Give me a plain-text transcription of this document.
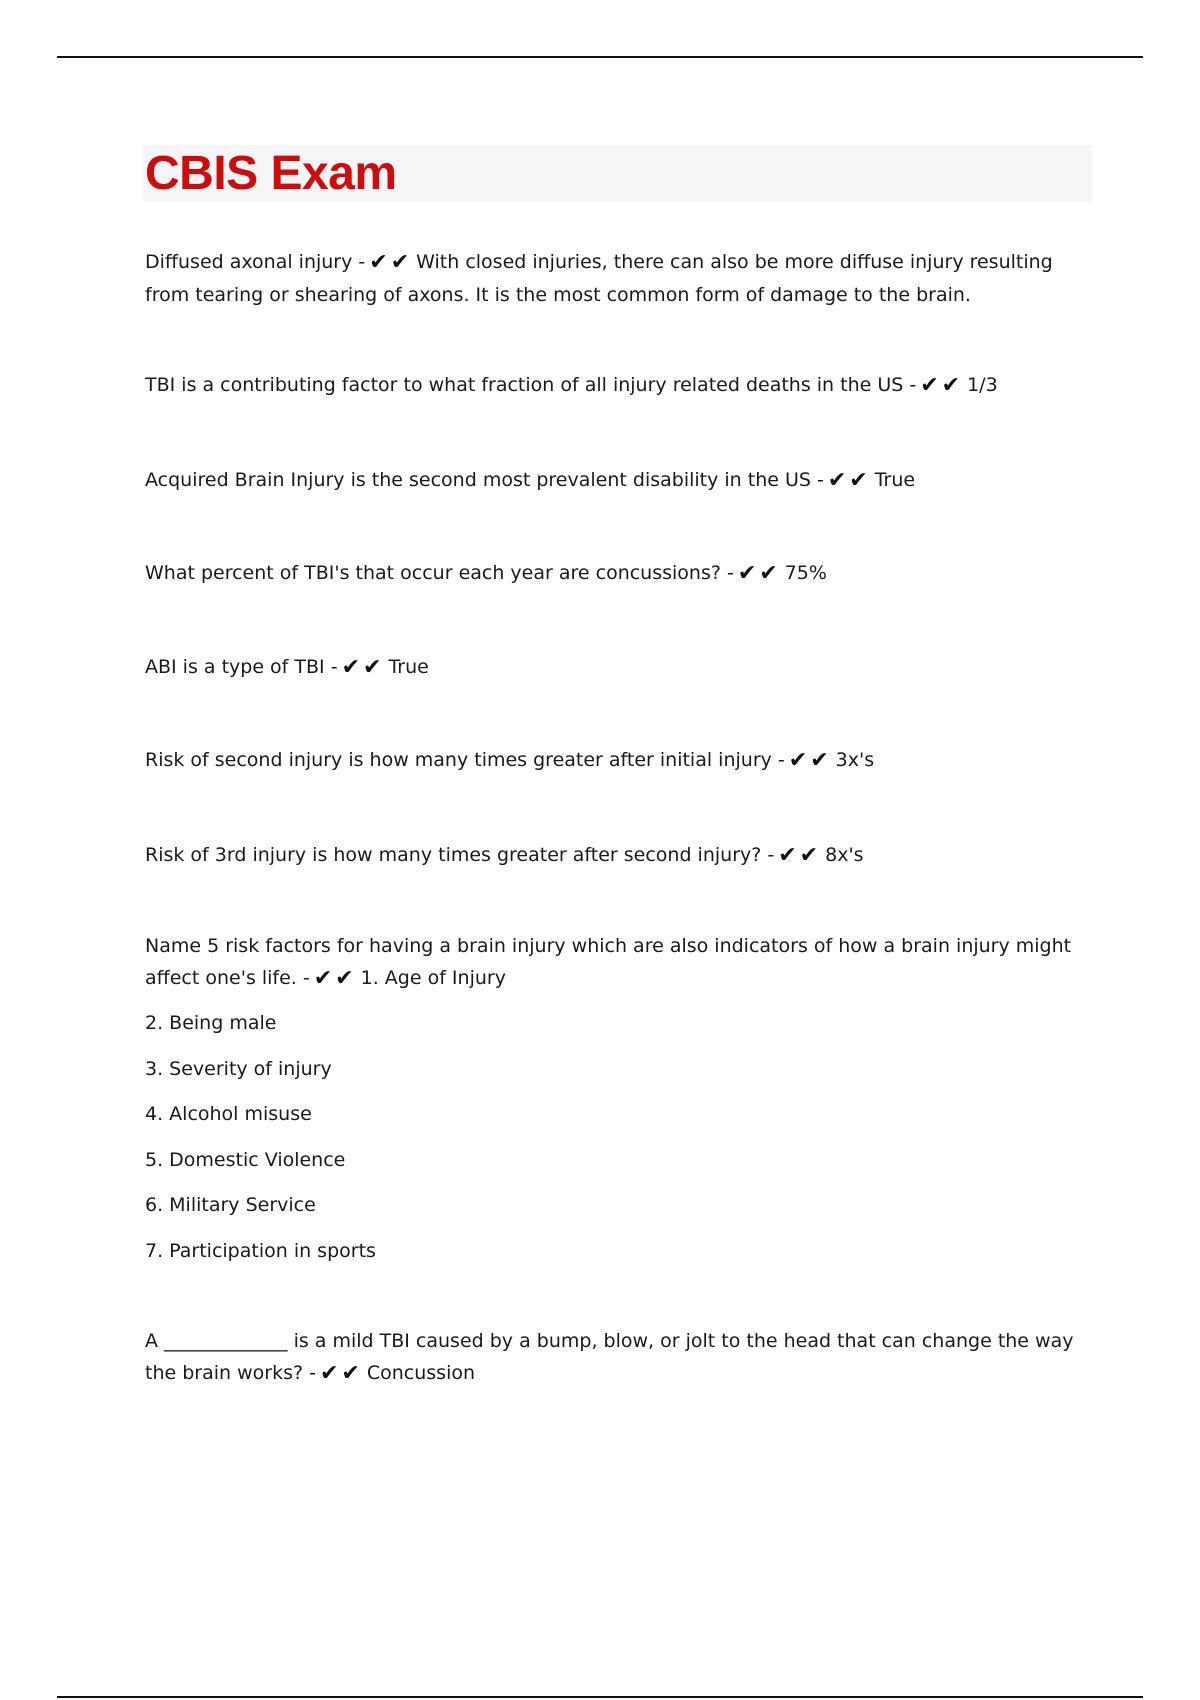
CBIS Exam

Diffused axonal injury - ✔✔ With closed injuries, there can also be more diffuse injury resulting from tearing or shearing of axons. It is the most common form of damage to the brain.

TBI is a contributing factor to what fraction of all injury related deaths in the US - ✔✔ 1/3

Acquired Brain Injury is the second most prevalent disability in the US - ✔✔ True

What percent of TBI's that occur each year are concussions? - ✔✔ 75%

ABI is a type of TBI - ✔✔ True

Risk of second injury is how many times greater after initial injury - ✔✔ 3x's

Risk of 3rd injury is how many times greater after second injury? - ✔✔ 8x's

Name 5 risk factors for having a brain injury which are also indicators of how a brain injury might affect one's life. - ✔✔ 1. Age of Injury

2. Being male

3. Severity of injury

4. Alcohol misuse

5. Domestic Violence

6. Military Service

7. Participation in sports

A _____________ is a mild TBI caused by a bump, blow, or jolt to the head that can change the way the brain works? - ✔✔ Concussion
